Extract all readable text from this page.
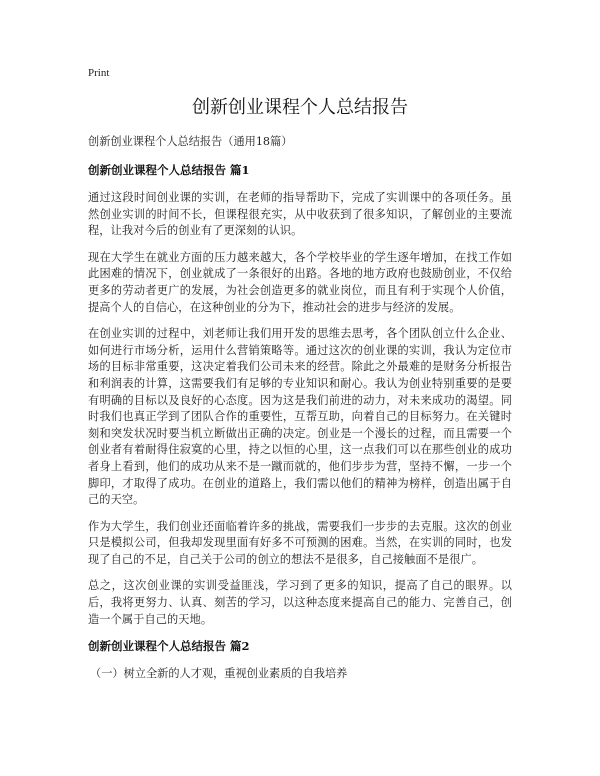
Print
创新创业课程个人总结报告

创新创业课程个人总结报告（通用18篇）

创新创业课程个人总结报告 篇1

通过这段时间创业课的实训，在老师的指导帮助下，完成了实训课中的各项任务。虽然创业实训的时间不长，但课程很充实，从中收获到了很多知识，了解创业的主要流程，让我对今后的创业有了更深刻的认识。

现在大学生在就业方面的压力越来越大，各个学校毕业的学生逐年增加，在找工作如此困难的情况下，创业就成了一条很好的出路。各地的地方政府也鼓励创业，不仅给更多的劳动者更广的发展，为社会创造更多的就业岗位，而且有利于实现个人价值，提高个人的自信心，在这种创业的分为下，推动社会的进步与经济的发展。

在创业实训的过程中，刘老师让我们用开发的思维去思考，各个团队创立什么企业、如何进行市场分析，运用什么营销策略等。通过这次的创业课的实训，我认为定位市场的目标非常重要，这决定着我们公司未来的经营。除此之外最难的是财务分析报告和利润表的计算，这需要我们有足够的专业知识和耐心。我认为创业特别重要的是要有明确的目标以及良好的心态度。因为这是我们前进的动力，对未来成功的渴望。同时我们也真正学到了团队合作的重要性，互帮互助，向着自己的目标努力。在关键时刻和突发状况时要当机立断做出正确的决定。创业是一个漫长的过程，而且需要一个创业者有着耐得住寂寞的心里，持之以恒的心里，这一点我们可以在那些创业的成功者身上看到，他们的成功从来不是一蹴而就的，他们步步为营，坚持不懈，一步一个脚印，才取得了成功。在创业的道路上，我们需以他们的精神为榜样，创造出属于自己的天空。

作为大学生，我们创业还面临着许多的挑战，需要我们一步步的去克服。这次的创业只是模拟公司，但我却发现里面有好多不可预测的困难。当然，在实训的同时，也发现了自己的不足，自己关于公司的创立的想法不是很多，自己接触面不是很广。

总之，这次创业课的实训受益匪浅，学习到了更多的知识，提高了自己的眼界。以后，我将更努力、认真、刻苦的学习，以这种态度来提高自己的能力、完善自己，创造一个属于自己的天地。

创新创业课程个人总结报告 篇2

（一）树立全新的人才观，重视创业素质的自我培养
